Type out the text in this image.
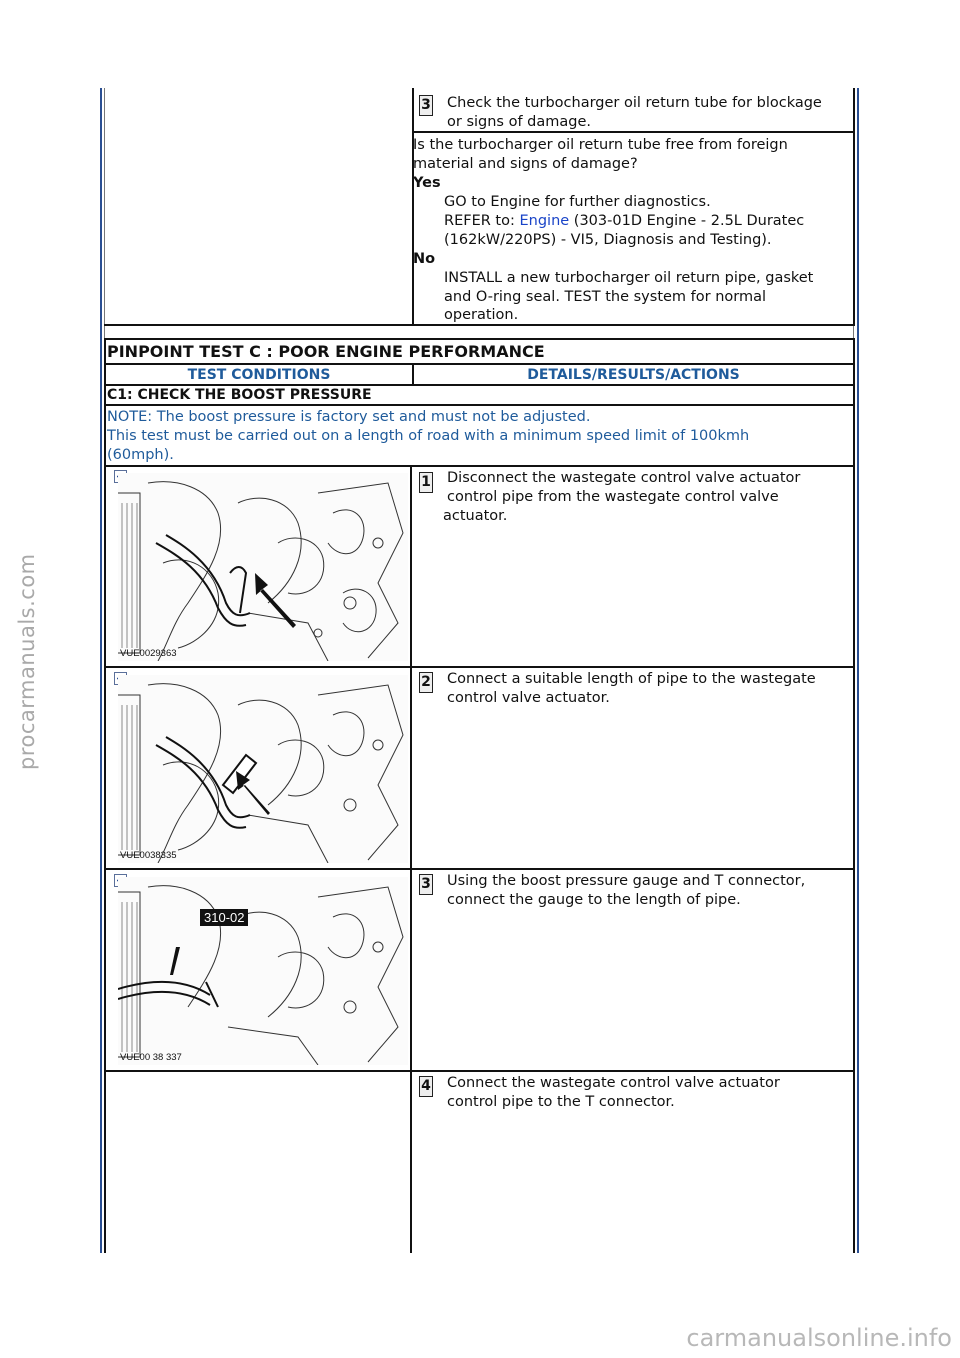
procarmanuals.com
3 Check the turbocharger oil return tube for blockage
or signs of damage.
Is the turbocharger oil return tube free from foreign
material and signs of damage?
Yes
GO to Engine for further diagnostics.
REFER to: Engine (303-01D Engine - 2.5L Duratec
(162kW/220PS) - VI5, Diagnosis and Testing).
No
INSTALL a new turbocharger oil return pipe, gasket
and O-ring seal. TEST the system for normal
operation.
PINPOINT TEST C : POOR ENGINE PERFORMANCE
TEST CONDITIONS	DETAILS/RESULTS/ACTIONS
C1: CHECK THE BOOST PRESSURE
NOTE: The boost pressure is factory set and must not be adjusted.
This test must be carried out on a length of road with a minimum speed limit of 100kmh
(60mph).
VUE0029363
1 Disconnect the wastegate control valve actuator
control pipe from the wastegate control valve
actuator.
VUE0038335
2 Connect a suitable length of pipe to the wastegate
control valve actuator.
310-02
VUE00 38 337
3 Using the boost pressure gauge and T connector,
connect the gauge to the length of pipe.
4 Connect the wastegate control valve actuator
control pipe to the T connector.
carmanualsonline.info
